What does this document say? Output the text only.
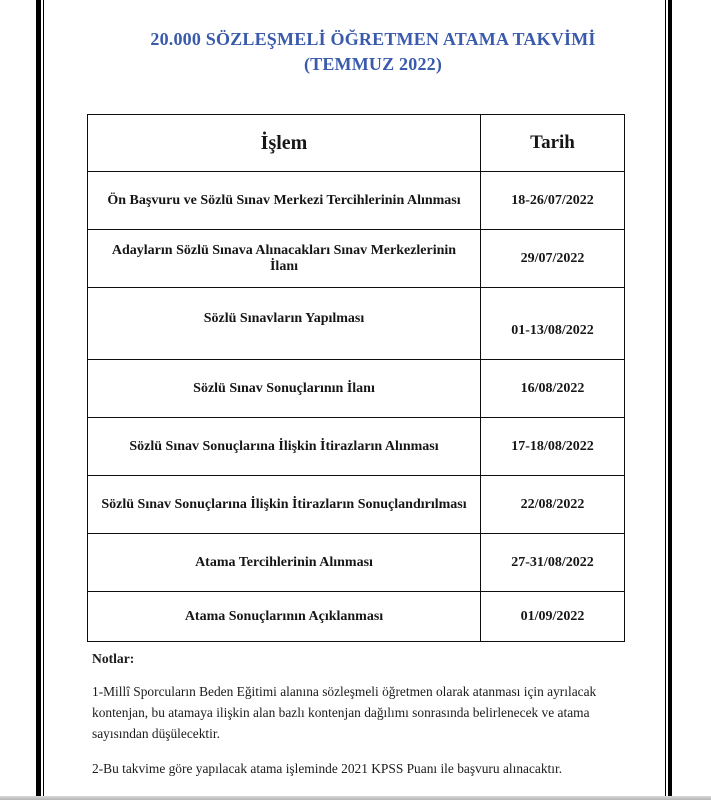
20.000 SÖZLEŞMELİ ÖĞRETMEN ATAMA TAKVİMİ
(TEMMUZ 2022)
İşlem	Tarih
Ön Başvuru ve Sözlü Sınav Merkezi Tercihlerinin Alınması	18-26/07/2022
Adayların Sözlü Sınava Alınacakları Sınav Merkezlerinin İlanı	29/07/2022
Sözlü Sınavların Yapılması	01-13/08/2022
Sözlü Sınav Sonuçlarının İlanı	16/08/2022
Sözlü Sınav Sonuçlarına İlişkin İtirazların Alınması	17-18/08/2022
Sözlü Sınav Sonuçlarına İlişkin İtirazların Sonuçlandırılması	22/08/2022
Atama Tercihlerinin Alınması	27-31/08/2022
Atama Sonuçlarının Açıklanması	01/09/2022
Notlar:

1-Millî Sporcuların Beden Eğitimi alanına sözleşmeli öğretmen olarak atanması için ayrılacak kontenjan, bu atamaya ilişkin alan bazlı kontenjan dağılımı sonrasında belirlenecek ve atama sayısından düşülecektir.

2-Bu takvime göre yapılacak atama işleminde 2021 KPSS Puanı ile başvuru alınacaktır.
